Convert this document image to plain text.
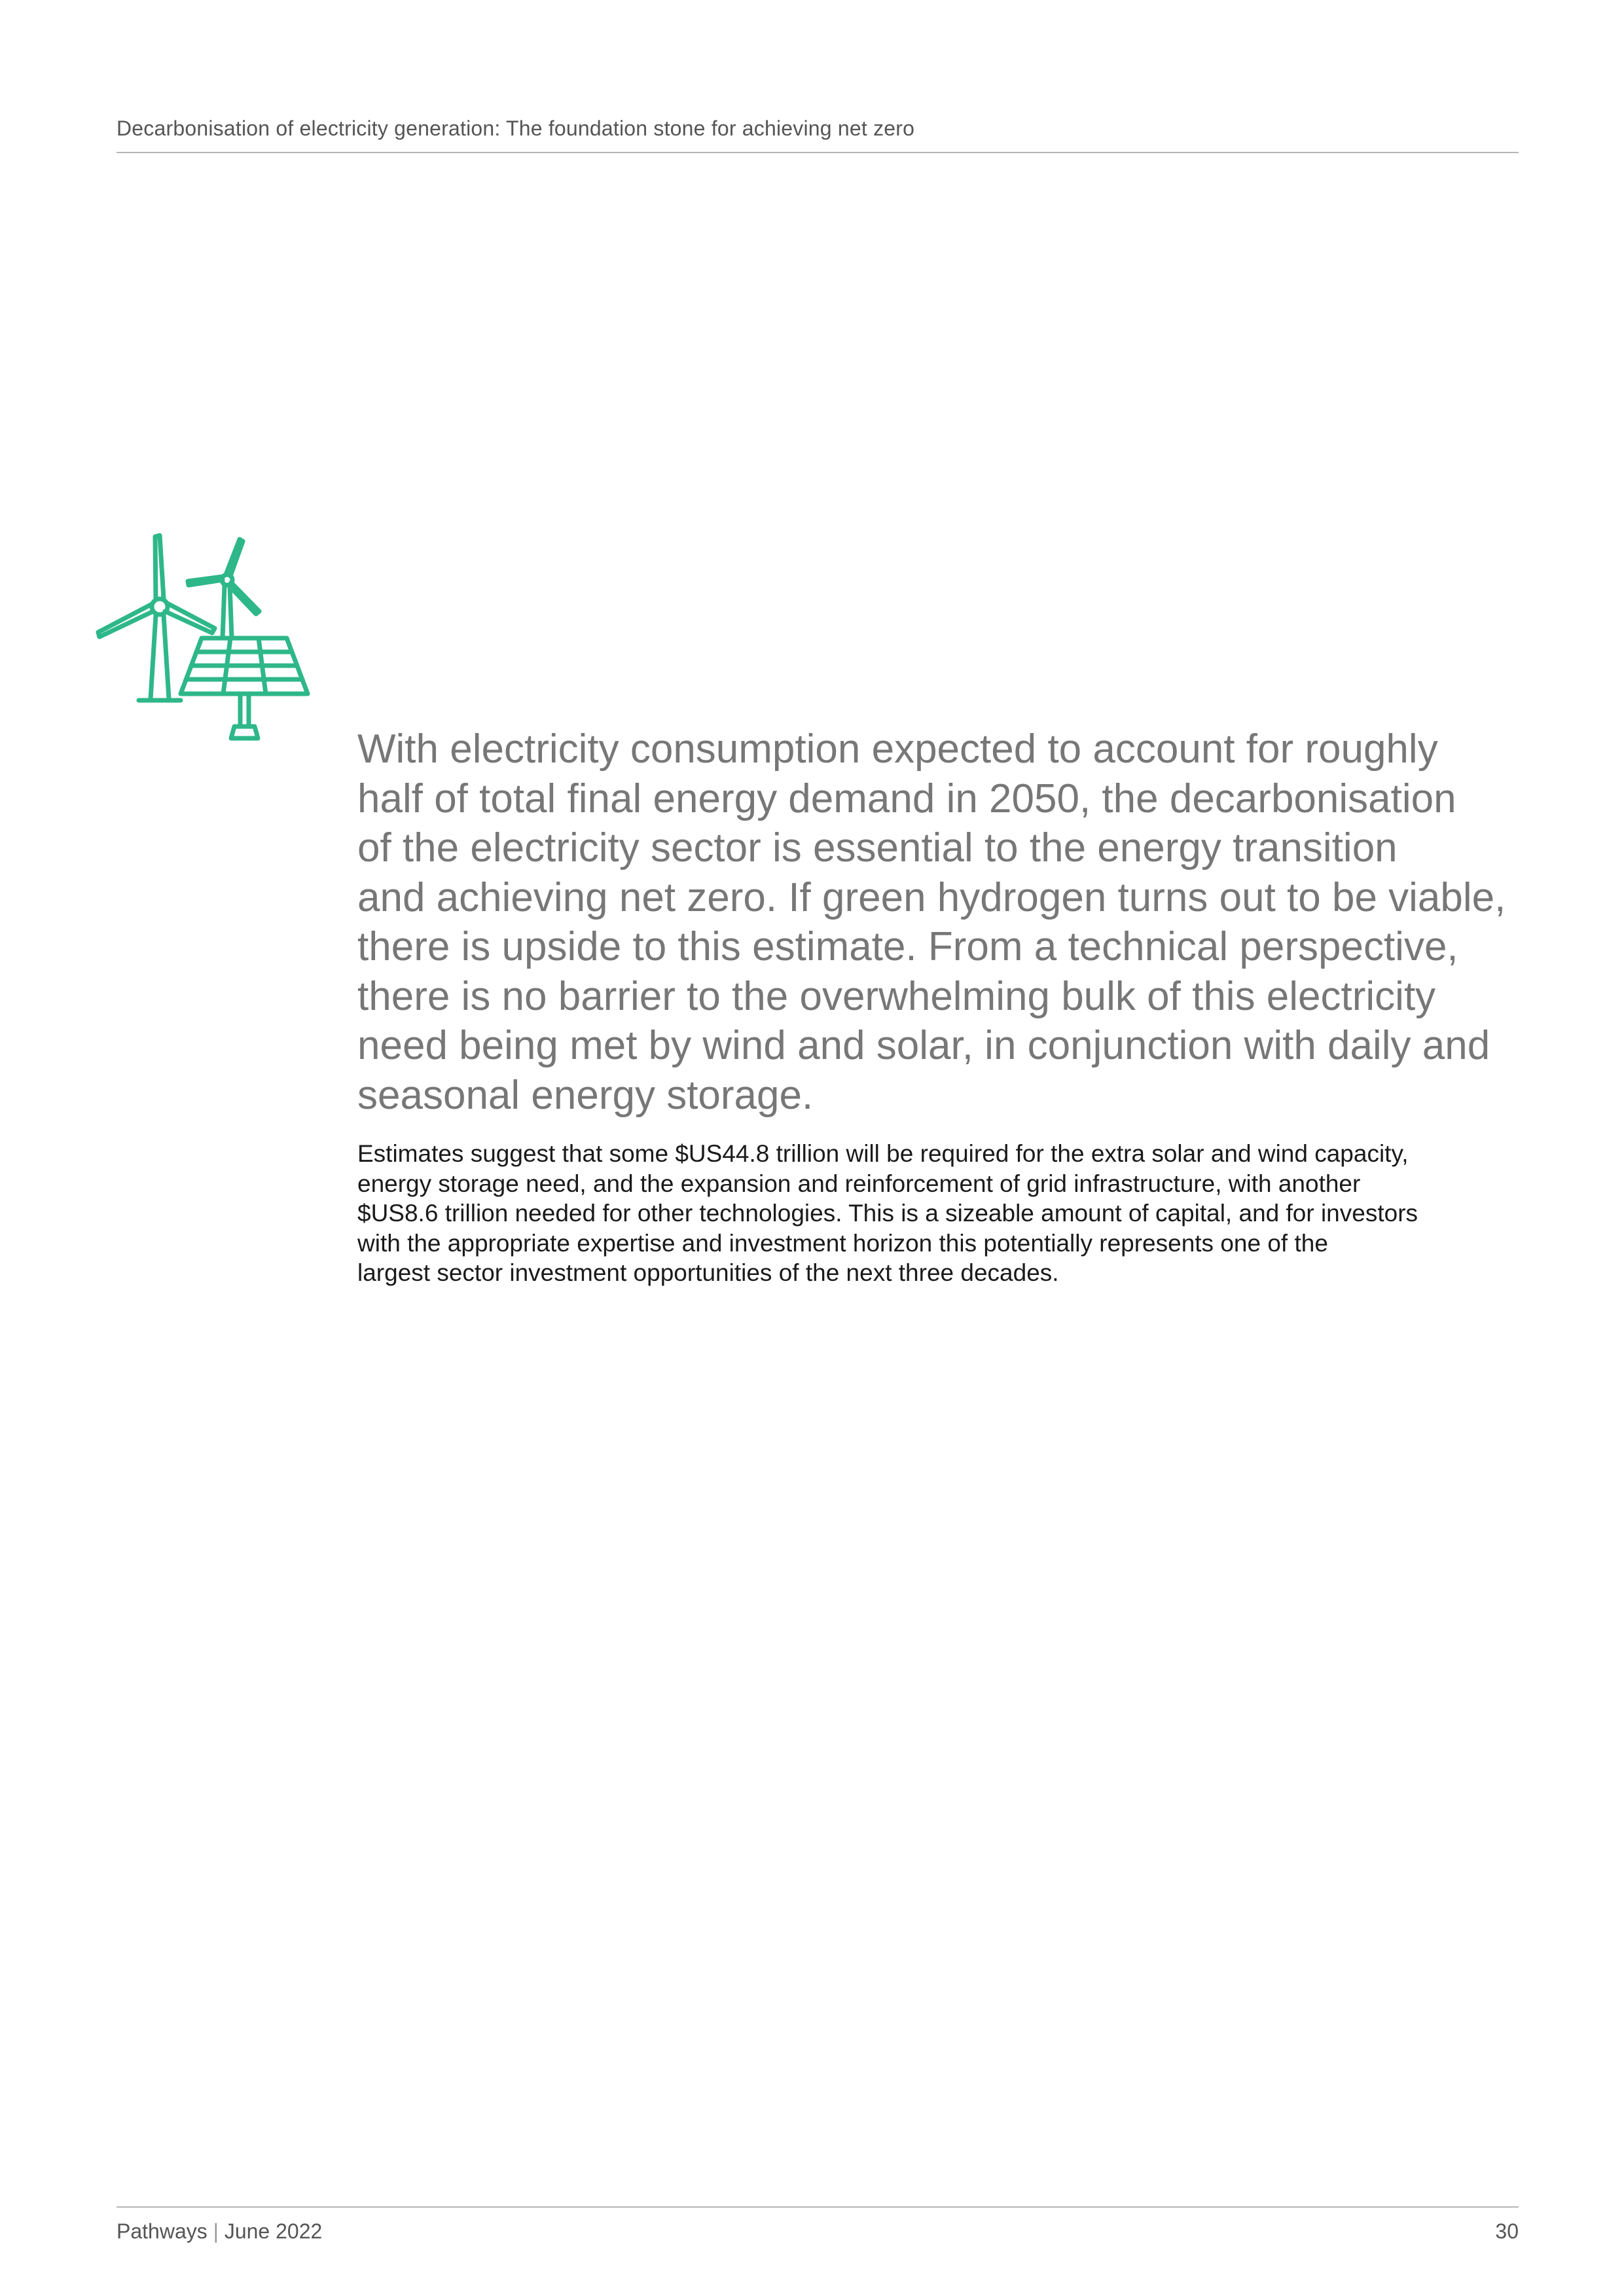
Decarbonisation of electricity generation: The foundation stone for achieving net zero

With electricity consumption expected to account for roughly
half of total final energy demand in 2050, the decarbonisation
of the electricity sector is essential to the energy transition
and achieving net zero. If green hydrogen turns out to be viable,
there is upside to this estimate. From a technical perspective,
there is no barrier to the overwhelming bulk of this electricity
need being met by wind and solar, in conjunction with daily and
seasonal energy storage.

Estimates suggest that some $US44.8 trillion will be required for the extra solar and wind capacity,
energy storage need, and the expansion and reinforcement of grid infrastructure, with another
$US8.6 trillion needed for other technologies. This is a sizeable amount of capital, and for investors
with the appropriate expertise and investment horizon this potentially represents one of the
largest sector investment opportunities of the next three decades.

Pathways | June 2022	30
